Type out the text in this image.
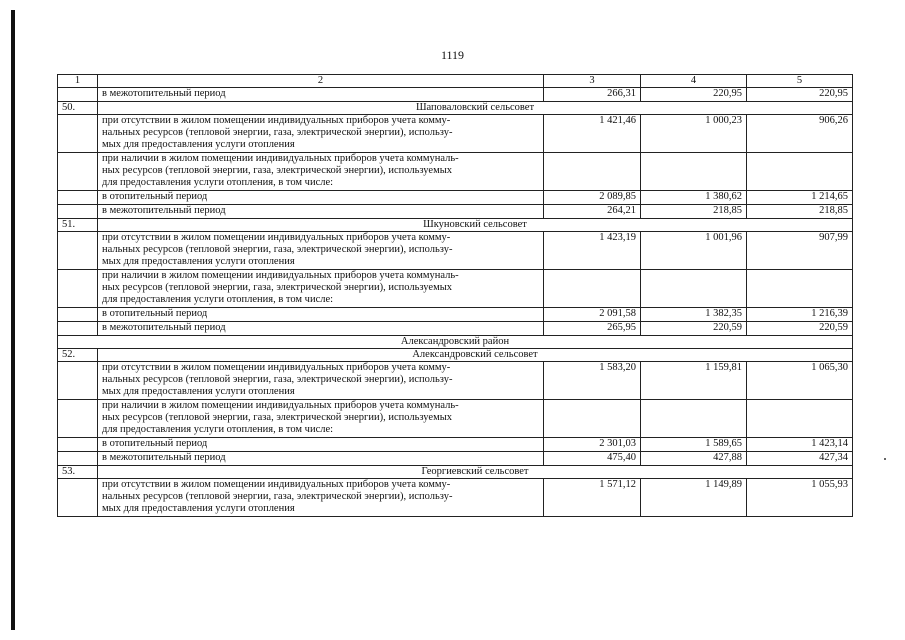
1119
1	2	3	4	5
	в межотопительный период	266,31	220,95	220,95
50.	Шаповаловский сельсовет			
	при отсутствии в жилом помещении индивидуальных приборов учета комму-
нальных ресурсов (тепловой энергии, газа, электрической энергии), использу-
мых для предоставления услуги отопления	1 421,46	1 000,23	906,26
	при наличии в жилом помещении индивидуальных приборов учета коммуналь-
ных ресурсов (тепловой энергии, газа, электрической энергии), используемых
для предоставления услуги отопления, в том числе:			
	в отопительный период	2 089,85	1 380,62	1 214,65
	в межотопительный период	264,21	218,85	218,85
51.	Шкуновский сельсовет			
	при отсутствии в жилом помещении индивидуальных приборов учета комму-
нальных ресурсов (тепловой энергии, газа, электрической энергии), использу-
мых для предоставления услуги отопления	1 423,19	1 001,96	907,99
	при наличии в жилом помещении индивидуальных приборов учета коммуналь-
ных ресурсов (тепловой энергии, газа, электрической энергии), используемых
для предоставления услуги отопления, в том числе:			
	в отопительный период	2 091,58	1 382,35	1 216,39
	в межотопительный период	265,95	220,59	220,59
Александровский район				
52.	Александровский сельсовет			
	при отсутствии в жилом помещении индивидуальных приборов учета комму-
нальных ресурсов (тепловой энергии, газа, электрической энергии), использу-
мых для предоставления услуги отопления	1 583,20	1 159,81	1 065,30
	при наличии в жилом помещении индивидуальных приборов учета коммуналь-
ных ресурсов (тепловой энергии, газа, электрической энергии), используемых
для предоставления услуги отопления, в том числе:			
	в отопительный период	2 301,03	1 589,65	1 423,14
	в межотопительный период	475,40	427,88	427,34
53.	Георгиевский сельсовет			
	при отсутствии в жилом помещении индивидуальных приборов учета комму-
нальных ресурсов (тепловой энергии, газа, электрической энергии), использу-
мых для предоставления услуги отопления	1 571,12	1 149,89	1 055,93
